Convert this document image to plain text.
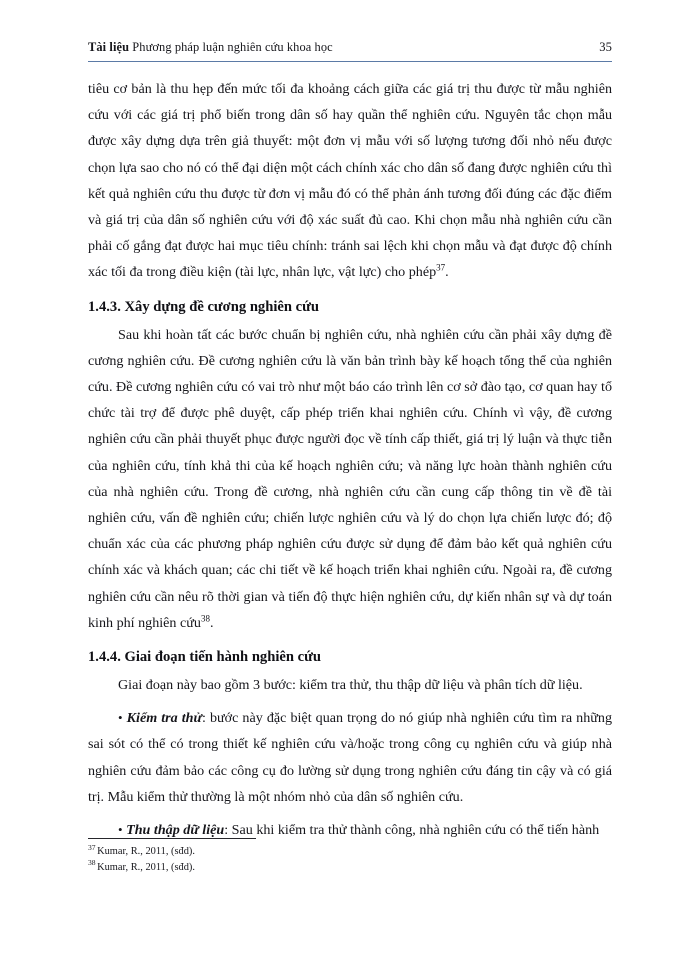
Tài liệu Phương pháp luận nghiên cứu khoa học	35

tiêu cơ bản là thu hẹp đến mức tối đa khoảng cách giữa các giá trị thu được từ mẫu nghiên cứu với các giá trị phổ biến trong dân số hay quần thể nghiên cứu. Nguyên tắc chọn mẫu được xây dựng dựa trên giả thuyết: một đơn vị mẫu với số lượng tương đối nhỏ nếu được chọn lựa sao cho nó có thể đại diện một cách chính xác cho dân số đang được nghiên cứu thì kết quả nghiên cứu thu được từ đơn vị mẫu đó có thể phản ánh tương đối đúng các đặc điểm và giá trị của dân số nghiên cứu với độ xác suất đủ cao. Khi chọn mẫu nhà nghiên cứu cần phải cố gắng đạt được hai mục tiêu chính: tránh sai lệch khi chọn mẫu và đạt được độ chính xác tối đa trong điều kiện (tài lực, nhân lực, vật lực) cho phép$^{37}$.

1.4.3. Xây dựng đề cương nghiên cứu

Sau khi hoàn tất các bước chuẩn bị nghiên cứu, nhà nghiên cứu cần phải xây dựng đề cương nghiên cứu. Đề cương nghiên cứu là văn bản trình bày kế hoạch tổng thể của nghiên cứu. Đề cương nghiên cứu có vai trò như một báo cáo trình lên cơ sở đào tạo, cơ quan hay tổ chức tài trợ để được phê duyệt, cấp phép triển khai nghiên cứu. Chính vì vậy, đề cương nghiên cứu cần phải thuyết phục được người đọc về tính cấp thiết, giá trị lý luận và thực tiễn của nghiên cứu, tính khả thi của kế hoạch nghiên cứu; và năng lực hoàn thành nghiên cứu của nhà nghiên cứu. Trong đề cương, nhà nghiên cứu cần cung cấp thông tin về đề tài nghiên cứu, vấn đề nghiên cứu; chiến lược nghiên cứu và lý do chọn lựa chiến lược đó; độ chuẩn xác của các phương pháp nghiên cứu được sử dụng để đảm bảo kết quả nghiên cứu chính xác và khách quan; các chi tiết về kế hoạch triển khai nghiên cứu. Ngoài ra, đề cương nghiên cứu cần nêu rõ thời gian và tiến độ thực hiện nghiên cứu, dự kiến nhân sự và dự toán kinh phí nghiên cứu$^{38}$.

1.4.4. Giai đoạn tiến hành nghiên cứu

Giai đoạn này bao gồm 3 bước: kiểm tra thử, thu thập dữ liệu và phân tích dữ liệu.

• Kiểm tra thử: bước này đặc biệt quan trọng do nó giúp nhà nghiên cứu tìm ra những sai sót có thể có trong thiết kế nghiên cứu và/hoặc trong công cụ nghiên cứu và giúp nhà nghiên cứu đảm bảo các công cụ đo lường sử dụng trong nghiên cứu đáng tin cậy và có giá trị. Mẫu kiểm thử thường là một nhóm nhỏ của dân số nghiên cứu.

• Thu thập dữ liệu: Sau khi kiểm tra thử thành công, nhà nghiên cứu có thể tiến hành

$^{37}$ Kumar, R., 2011, (sđd).

$^{38}$ Kumar, R., 2011, (sđd).
